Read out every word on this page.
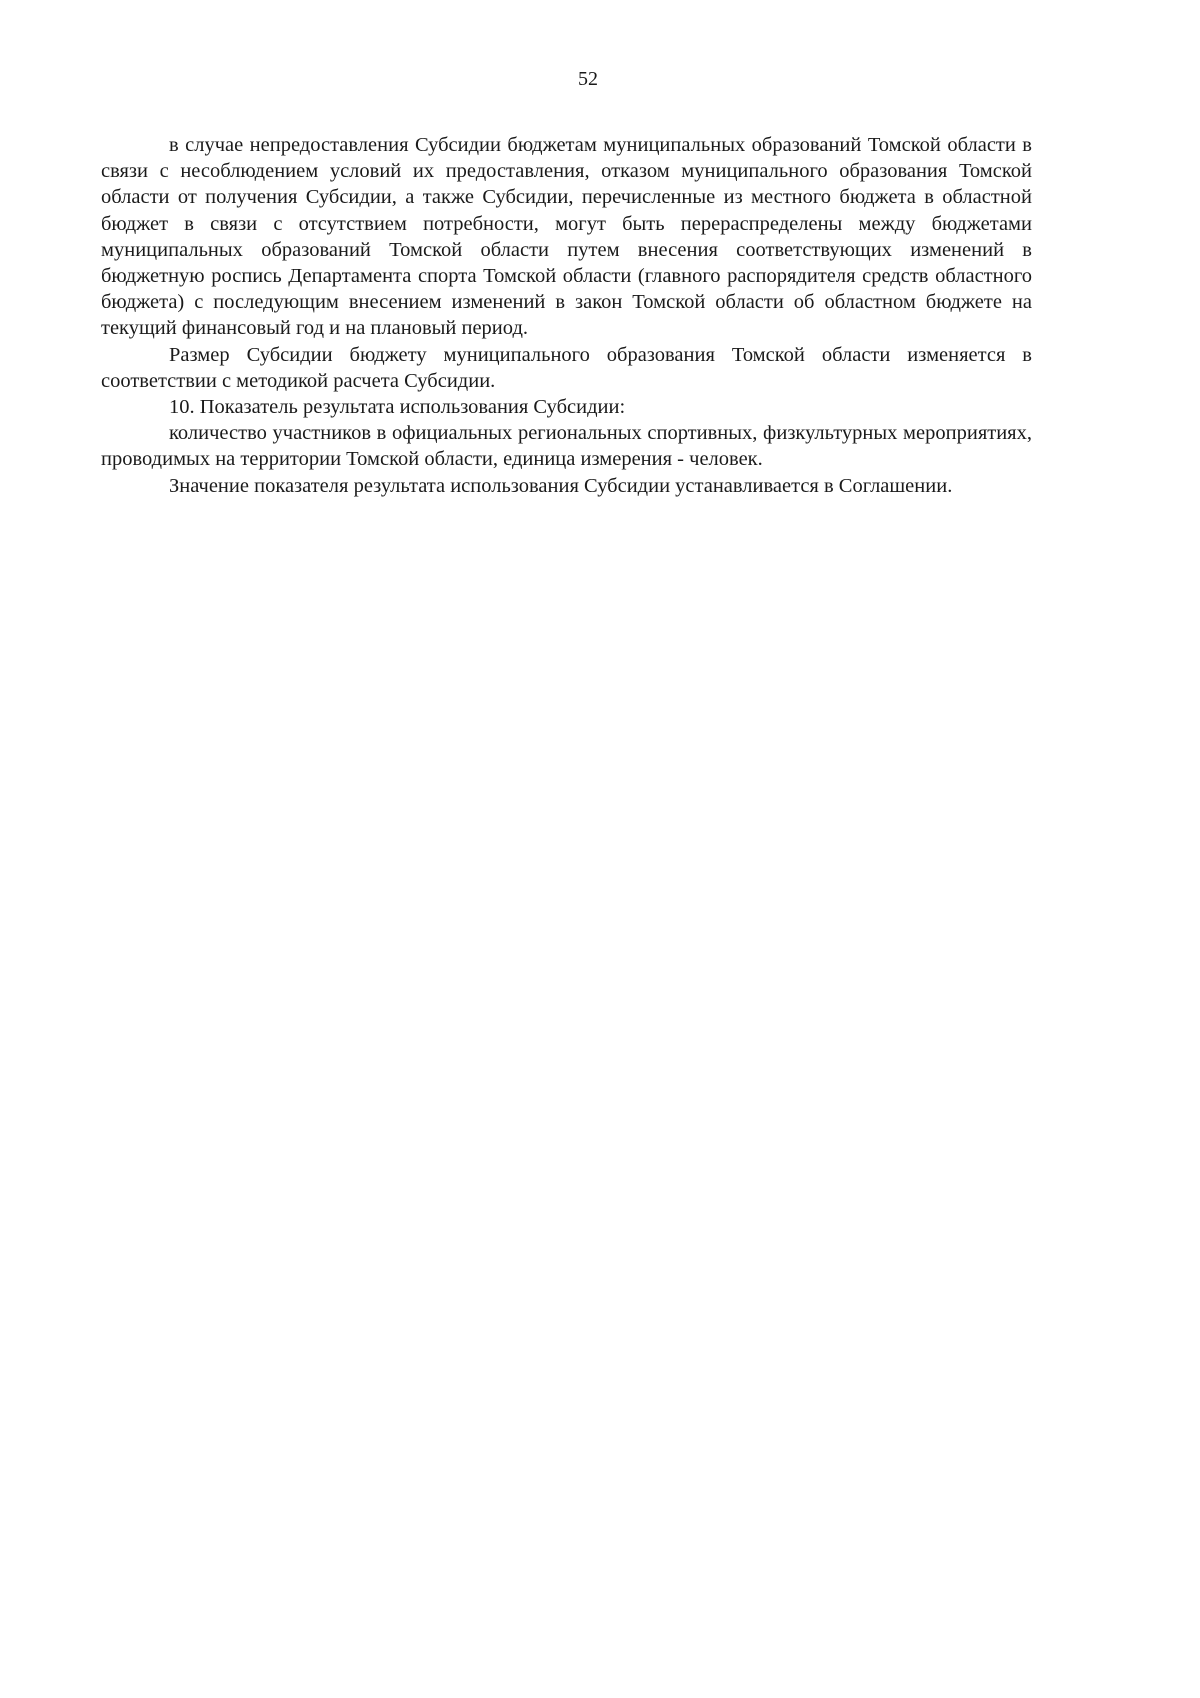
52

в случае непредоставления Субсидии бюджетам муниципальных образований Томской области в связи с несоблюдением условий их предоставления, отказом муниципального образования Томской области от получения Субсидии, а также Субсидии, перечисленные из местного бюджета в областной бюджет в связи с отсутствием потребности, могут быть перераспределены между бюджетами муниципальных образований Томской области путем внесения соответствующих изменений в бюджетную роспись Департамента спорта Томской области (главного распорядителя средств областного бюджета) с последующим внесением изменений в закон Томской области об областном бюджете на текущий финансовый год и на плановый период.

Размер Субсидии бюджету муниципального образования Томской области изменяется в соответствии с методикой расчета Субсидии.

10. Показатель результата использования Субсидии:

количество участников в официальных региональных спортивных, физкультурных мероприятиях, проводимых на территории Томской области, единица измерения - человек.

Значение показателя результата использования Субсидии устанавливается в Соглашении.
